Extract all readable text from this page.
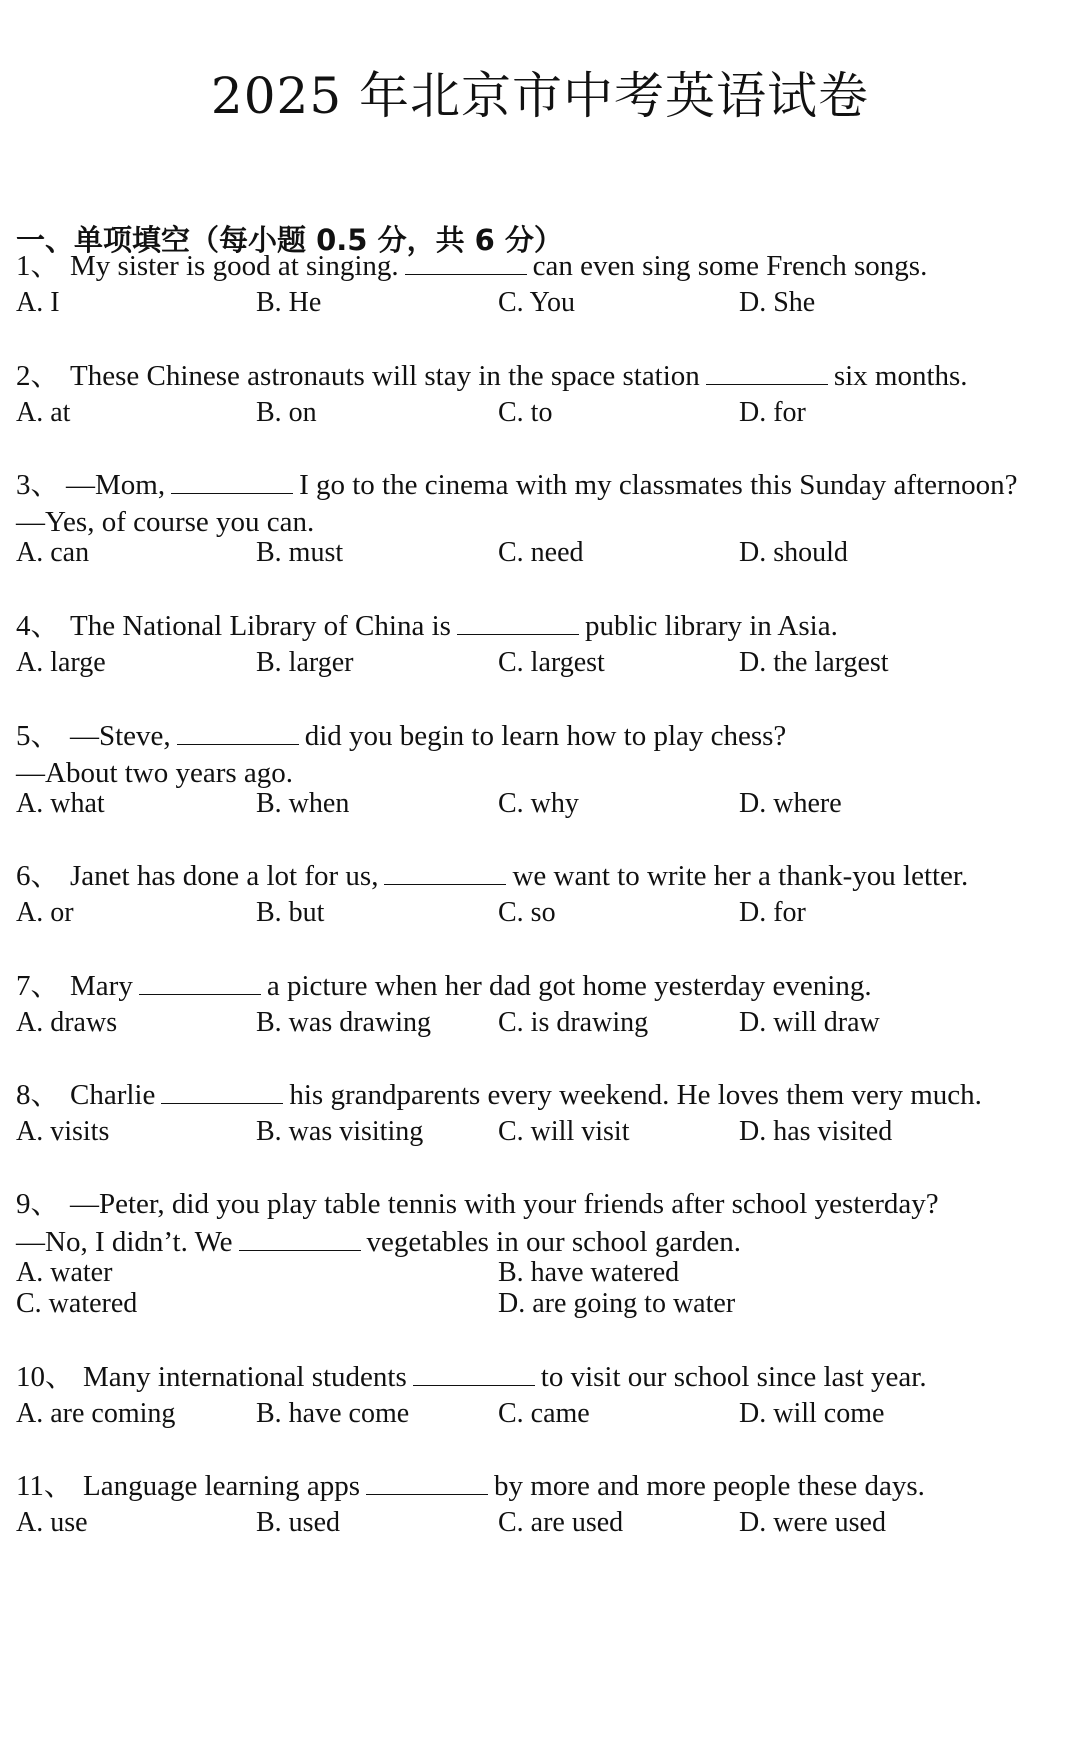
2025 年北京市中考英语试卷
一、单项填空（每小题 0.5 分，共 6 分）
1、 My sister is good at singing.	can even sing some French songs.
A. I	B. He	C. You	D. She
2、 These Chinese astronauts will stay in the space station	six months.
A. at	B. on	C. to	D. for
3、 —Mom,	I go to the cinema with my classmates this Sunday afternoon?
—Yes, of course you can.
A. can	B. must	C. need	D. should
4、 The National Library of China is	public library in Asia.
A. large	B. larger	C. largest	D. the largest
5、 —Steve,	did you begin to learn how to play chess?
—About two years ago.
A. what	B. when	C. why	D. where
6、 Janet has done a lot for us,	we want to write her a thank-you letter.
A. or	B. but	C. so	D. for
7、 Mary	a picture when her dad got home yesterday evening.
A. draws	B. was drawing C. is drawing	D. will draw
8、 Charlie	his grandparents every weekend. He loves them very much.
A. visits	B. was visiting	C. will visit	D. has visited
9、 —Peter, did you play table tennis with your friends after school yesterday?
—No, I didn’t. We	vegetables in our school garden.
A. water	B. have watered
C. watered	D. are going to water
10、 Many international students	to visit our school since last year.
A. are coming	B. have come	C. came	D. will come
11、 Language learning apps	by more and more people these days.
A. use	B. used	C. are used	D. were used
